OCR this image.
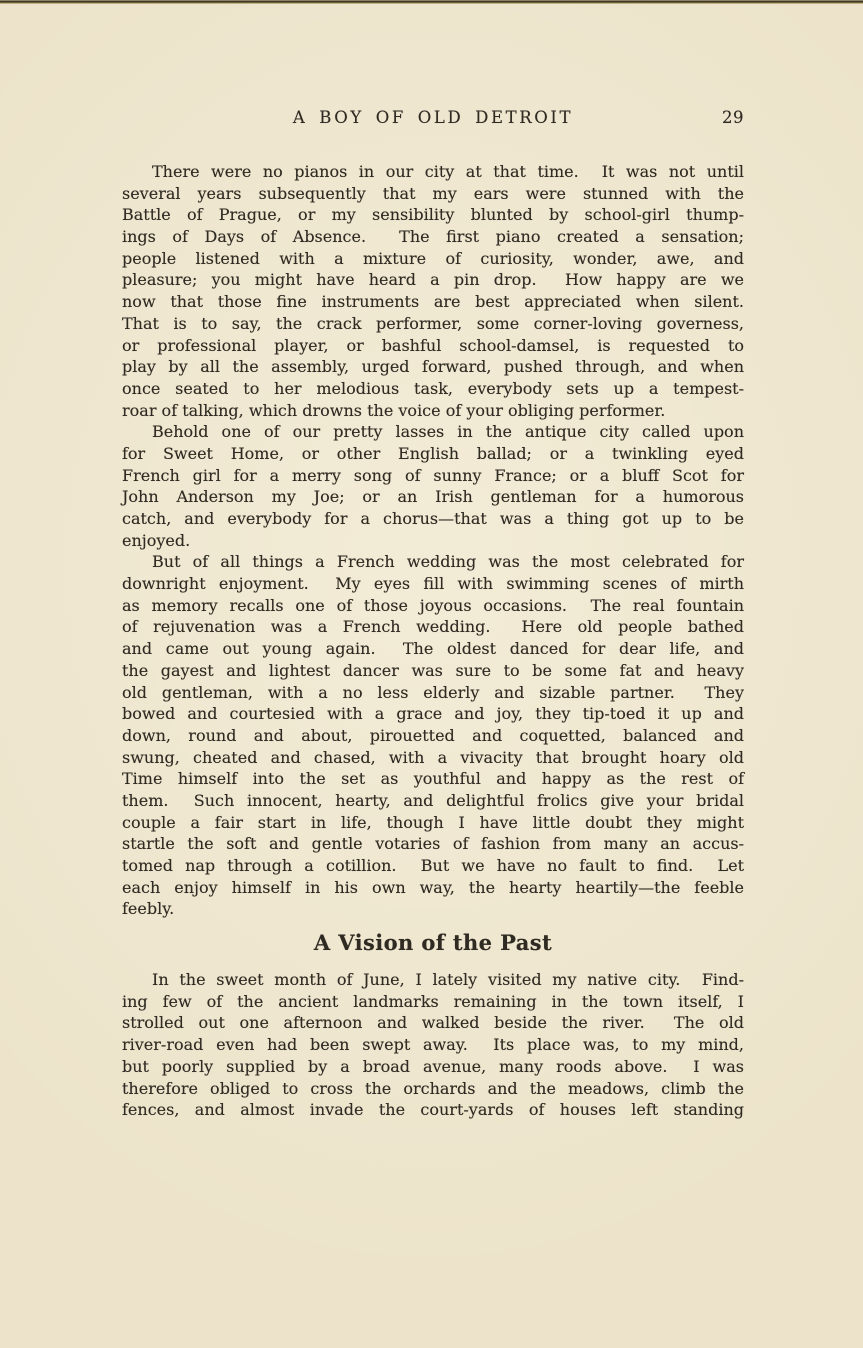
A BOY OF OLD DETROIT	29
There were no pianos in our city at that time.  It was not until
several years subsequently that my ears were stunned with the
Battle of Prague, or my sensibility blunted by school-girl thump-
ings of Days of Absence.  The first piano created a sensation;
people listened with a mixture of curiosity, wonder, awe, and
pleasure; you might have heard a pin drop.  How happy are we
now that those fine instruments are best appreciated when silent.
That is to say, the crack performer, some corner-loving governess,
or professional player, or bashful school-damsel, is requested to
play by all the assembly, urged forward, pushed through, and when
once seated to her melodious task, everybody sets up a tempest-
roar of talking, which drowns the voice of your obliging performer.
Behold one of our pretty lasses in the antique city called upon
for Sweet Home, or other English ballad; or a twinkling eyed
French girl for a merry song of sunny France; or a bluff Scot for
John Anderson my Joe; or an Irish gentleman for a humorous
catch, and everybody for a chorus—that was a thing got up to be
enjoyed.
But of all things a French wedding was the most celebrated for
downright enjoyment.  My eyes fill with swimming scenes of mirth
as memory recalls one of those joyous occasions.  The real fountain
of rejuvenation was a French wedding.  Here old people bathed
and came out young again.  The oldest danced for dear life, and
the gayest and lightest dancer was sure to be some fat and heavy
old gentleman, with a no less elderly and sizable partner.  They
bowed and courtesied with a grace and joy, they tip-toed it up and
down, round and about, pirouetted and coquetted, balanced and
swung, cheated and chased, with a vivacity that brought hoary old
Time himself into the set as youthful and happy as the rest of
them.  Such innocent, hearty, and delightful frolics give your bridal
couple a fair start in life, though I have little doubt they might
startle the soft and gentle votaries of fashion from many an accus-
tomed nap through a cotillion.  But we have no fault to find.  Let
each enjoy himself in his own way, the hearty heartily—the feeble
feebly.
A Vision of the Past
In the sweet month of June, I lately visited my native city.  Find-
ing few of the ancient landmarks remaining in the town itself, I
strolled out one afternoon and walked beside the river.  The old
river-road even had been swept away.  Its place was, to my mind,
but poorly supplied by a broad avenue, many roods above.  I was
therefore obliged to cross the orchards and the meadows, climb the
fences, and almost invade the court-yards of houses left standing
